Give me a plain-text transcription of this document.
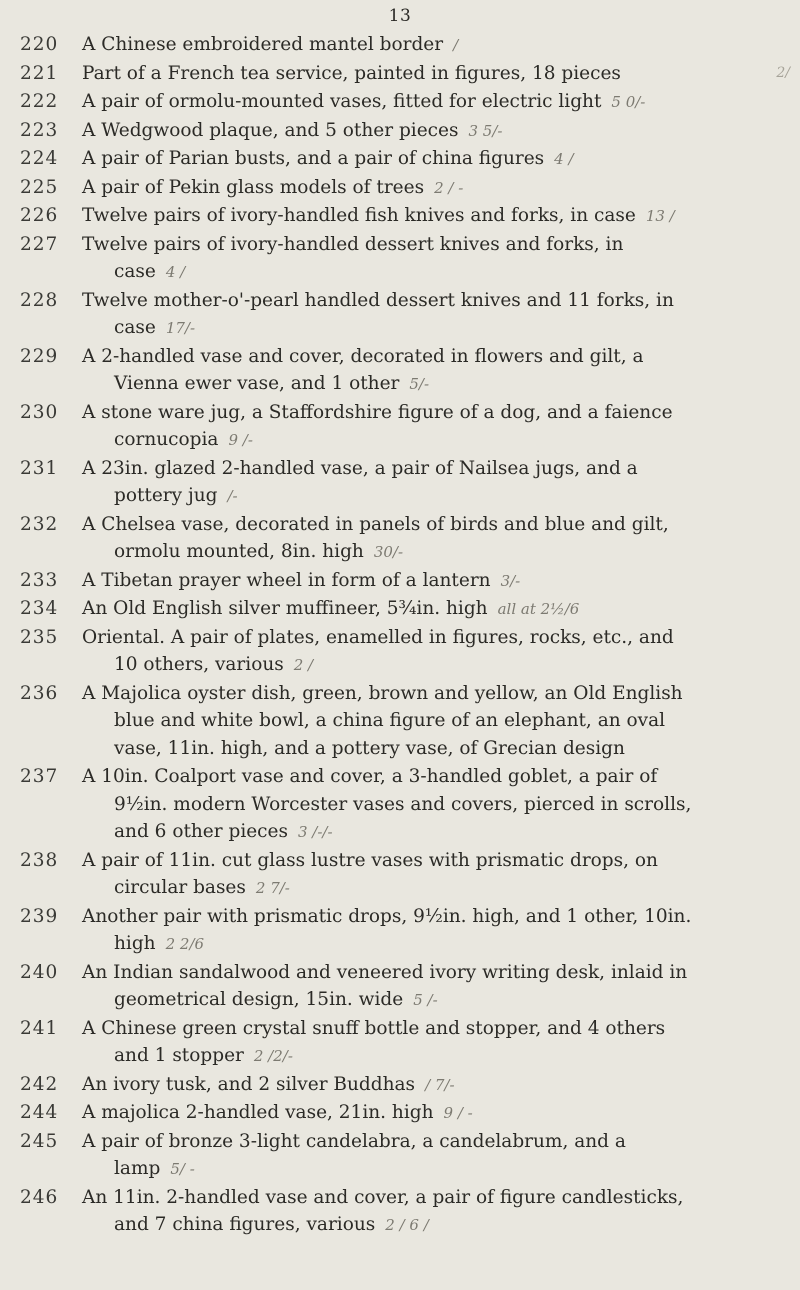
13
220	A Chinese embroidered mantel border /
221	Part of a French tea service, painted in figures, 18 pieces	2/
222	A pair of ormolu-mounted vases, fitted for electric light 5 0/-
223	A Wedgwood plaque, and 5 other pieces 3 5/-
224	A pair of Parian busts, and a pair of china figures 4 /
225	A pair of Pekin glass models of trees 2 / -
226	Twelve pairs of ivory-handled fish knives and forks, in case 13 /
227	Twelve pairs of ivory-handled dessert knives and forks, in case 4 /
228	Twelve mother-o'-pearl handled dessert knives and 11 forks, in case 17/-
229	A 2-handled vase and cover, decorated in flowers and gilt, a Vienna ewer vase, and 1 other 5/-
230	A stone ware jug, a Staffordshire figure of a dog, and a faience cornucopia 9 /-
231	A 23in. glazed 2-handled vase, a pair of Nailsea jugs, and a pottery jug /-
232	A Chelsea vase, decorated in panels of birds and blue and gilt, ormolu mounted, 8in. high 30/-
233	A Tibetan prayer wheel in form of a lantern 3/-
234	An Old English silver muffineer, 5¾in. high all at 2½/6
235	Oriental. A pair of plates, enamelled in figures, rocks, etc., and 10 others, various 2 /
236	A Majolica oyster dish, green, brown and yellow, an Old English blue and white bowl, a china figure of an elephant, an oval vase, 11in. high, and a pottery vase, of Grecian design
237	A 10in. Coalport vase and cover, a 3-handled goblet, a pair of 9½in. modern Worcester vases and covers, pierced in scrolls, and 6 other pieces 3 /-/-
238	A pair of 11in. cut glass lustre vases with prismatic drops, on circular bases 2 7/-
239	Another pair with prismatic drops, 9½in. high, and 1 other, 10in. high 2 2/6
240	An Indian sandalwood and veneered ivory writing desk, inlaid in geometrical design, 15in. wide 5 /-
241	A Chinese green crystal snuff bottle and stopper, and 4 others and 1 stopper 2 /2/-
242	An ivory tusk, and 2 silver Buddhas / 7/-
244	A majolica 2-handled vase, 21in. high 9 / -
245	A pair of bronze 3-light candelabra, a candelabrum, and a lamp 5/ -
246	An 11in. 2-handled vase and cover, a pair of figure candlesticks, and 7 china figures, various 2 / 6 /
